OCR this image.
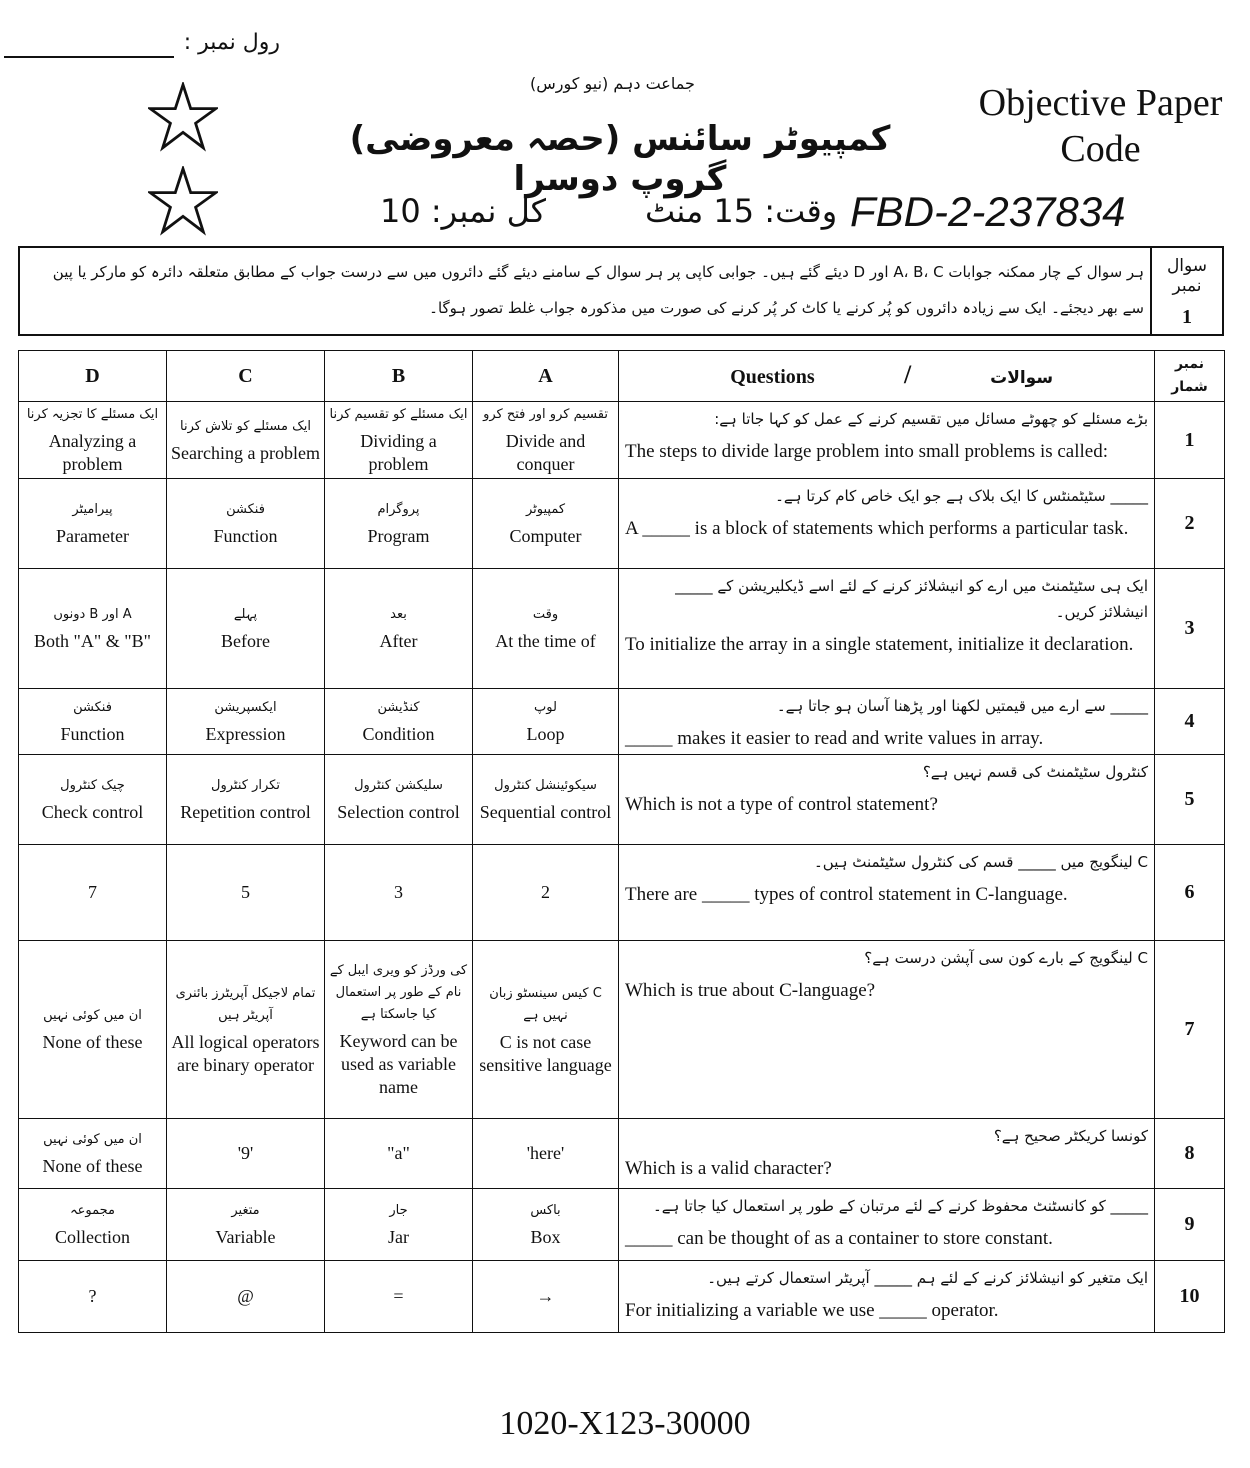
رول نمبر :
جماعت دہم (نیو کورس)
کمپیوٹر سائنس (حصہ معروضی) گروپ دوسرا
کل نمبر: 10	وقت: 15 منٹ FBD-2-237834
Objective Paper
Code
سوال نمبر
1
ہر سوال کے چار ممکنہ جوابات A، B، C اور D دیئے گئے ہیں۔ جوابی کاپی پر ہر سوال کے سامنے دیئے گئے دائروں میں سے درست جواب کے مطابق متعلقہ دائرہ کو مارکر یا پین سے بھر دیجئے۔ ایک سے زیادہ دائروں کو پُر کرنے یا کاٹ کر پُر کرنے کی صورت میں مذکورہ جواب غلط تصور ہوگا۔
D	C	B	A	Questions / سوالات	نمبر شمار

ایک مسئلے کا تجزیہ کرنا
Analyzing a problem	ایک مسئلے کو تلاش کرنا
Searching a problem	ایک مسئلے کو تقسیم کرنا
Dividing a problem	تقسیم کرو اور فتح کرو
Divide and conquer	بڑے مسئلے کو چھوٹے مسائل میں تقسیم کرنے کے عمل کو کہا جاتا ہے:
The steps to divide large problem into small problems is called:	1

پیرامیٹر
Parameter	فنکشن
Function	پروگرام
Program	کمپیوٹر
Computer	_____ سٹیٹمنٹس کا ایک بلاک ہے جو ایک خاص کام کرتا ہے۔
A _____ is a block of statements which performs a particular task.	2

A اور B دونوں
Both "A" & "B"	پہلے
Before	بعد
After	وقت
At the time of	ایک ہی سٹیٹمنٹ میں ارے کو انیشلائز کرنے کے لئے اسے ڈیکلیریشن کے _____ انیشلائز کریں۔
To initialize the array in a single statement, initialize it declaration.	3

فنکشن
Function	ایکسپریشن
Expression	کنڈیشن
Condition	لوپ
Loop	_____ سے ارے میں قیمتیں لکھنا اور پڑھنا آسان ہو جاتا ہے۔
_____ makes it easier to read and write values in array.	4

چیک کنٹرول
Check control	تکرار کنٹرول
Repetition control	سلیکشن کنٹرول
Selection control	سیکوئینشل کنٹرول
Sequential control	کنٹرول سٹیٹمنٹ کی قسم نہیں ہے؟
Which is not a type of control statement?	5

7	5	3	2	C لینگویج میں _____ قسم کی کنٹرول سٹیٹمنٹ ہیں۔
There are _____ types of control statement in C-language.	6

ان میں کوئی نہیں
None of these	تمام لاجیکل آپریٹرز بائنری آپریٹر ہیں
All logical operators are binary operator	کی ورڈز کو ویری ایبل کے نام کے طور پر استعمال کیا جاسکتا ہے
Keyword can be used as variable name	C کیس سینسٹو زبان نہیں ہے
C is not case sensitive language	C لینگویج کے بارے کون سی آپشن درست ہے؟
Which is true about C-language?	7

ان میں کوئی نہیں
None of these	'9'	"a"	'here'	کونسا کریکٹر صحیح ہے؟
Which is a valid character?	8

مجموعہ
Collection	متغیر
Variable	جار
Jar	باکس
Box	_____ کو کانسٹنٹ محفوظ کرنے کے لئے مرتبان کے طور پر استعمال کیا جاتا ہے۔
_____ can be thought of as a container to store constant.	9

?	@	=	→	ایک متغیر کو انیشلائز کرنے کے لئے ہم _____ آپریٹر استعمال کرتے ہیں۔
For initializing a variable we use _____ operator.	10
1020-X123-30000
